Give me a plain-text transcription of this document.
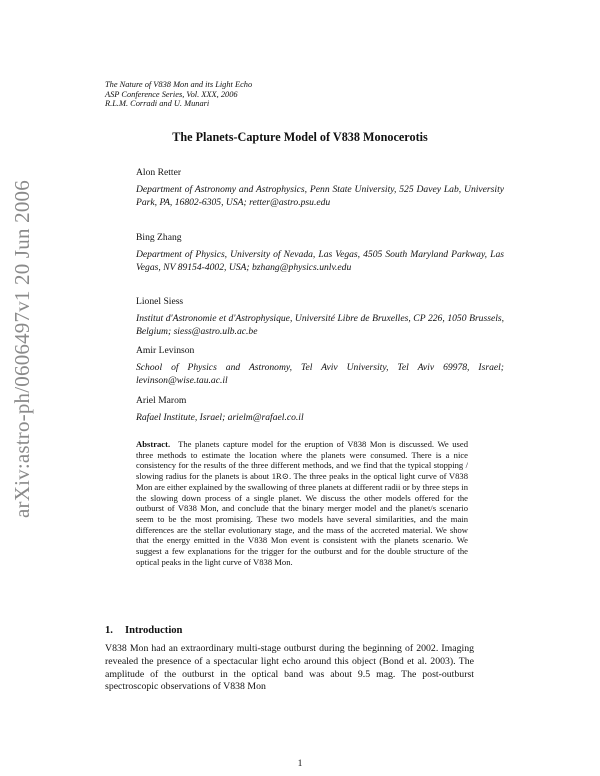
arXiv:astro-ph/0606497v1 20 Jun 2006
The Nature of V838 Mon and its Light Echo
ASP Conference Series, Vol. XXX, 2006
R.L.M. Corradi and U. Munari
The Planets-Capture Model of V838 Monocerotis
Alon Retter
Department of Astronomy and Astrophysics, Penn State University, 525 Davey Lab, University Park, PA, 16802-6305, USA; retter@astro.psu.edu
Bing Zhang
Department of Physics, University of Nevada, Las Vegas, 4505 South Maryland Parkway, Las Vegas, NV 89154-4002, USA; bzhang@physics.unlv.edu
Lionel Siess
Institut d'Astronomie et d'Astrophysique, Université Libre de Bruxelles, CP 226, 1050 Brussels, Belgium; siess@astro.ulb.ac.be
Amir Levinson
School of Physics and Astronomy, Tel Aviv University, Tel Aviv 69978, Israel; levinson@wise.tau.ac.il
Ariel Marom
Rafael Institute, Israel; arielm@rafael.co.il
Abstract. The planets capture model for the eruption of V838 Mon is discussed. We used three methods to estimate the location where the planets were consumed. There is a nice consistency for the results of the three different methods, and we find that the typical stopping / slowing radius for the planets is about 1R⊙. The three peaks in the optical light curve of V838 Mon are either explained by the swallowing of three planets at different radii or by three steps in the slowing down process of a single planet. We discuss the other models offered for the outburst of V838 Mon, and conclude that the binary merger model and the planet/s scenario seem to be the most promising. These two models have several similarities, and the main differences are the stellar evolutionary stage, and the mass of the accreted material. We show that the energy emitted in the V838 Mon event is consistent with the planets scenario. We suggest a few explanations for the trigger for the outburst and for the double structure of the optical peaks in the light curve of V838 Mon.
1. Introduction
V838 Mon had an extraordinary multi-stage outburst during the beginning of 2002. Imaging revealed the presence of a spectacular light echo around this object (Bond et al. 2003). The amplitude of the outburst in the optical band was about 9.5 mag. The post-outburst spectroscopic observations of V838 Mon
1
